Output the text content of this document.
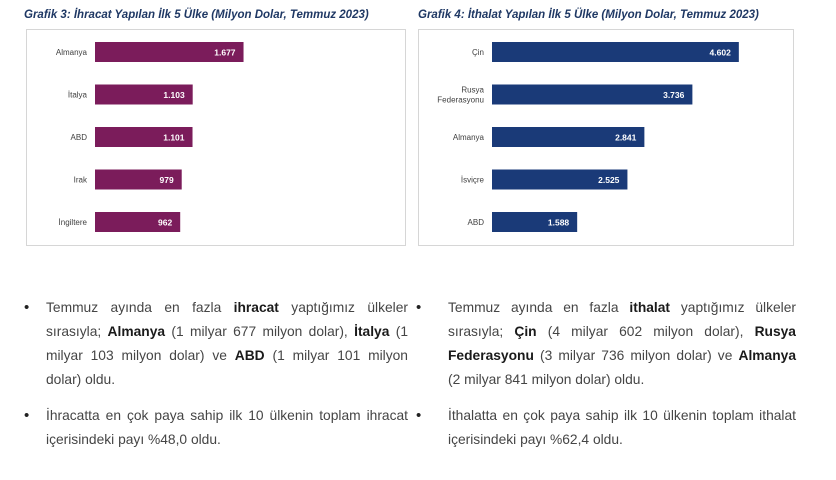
Grafik 3: İhracat Yapılan İlk 5 Ülke (Milyon Dolar, Temmuz 2023)	Grafik 4: İthalat Yapılan İlk 5 Ülke (Milyon Dolar, Temmuz 2023)
1.677
Almanya
1.103
İtalya
1.101
ABD
979
Irak
962
İngiltere
4.602
Çin
3.736
Rusya
Federasyonu
2.841
Almanya
2.525
İsviçre
1.588
ABD
•	Temmuz ayında en fazla ihracat yaptığımız ülkeler sırasıyla; Almanya (1 milyar 677 milyon dolar), İtalya (1 milyar 103 milyon dolar) ve ABD (1 milyar 101 milyon dolar) oldu.
•	İhracatta en çok paya sahip ilk 10 ülkenin toplam ihracat içerisindeki payı %48,0 oldu.
•	Temmuz ayında en fazla ithalat yaptığımız ülkeler sırasıyla; Çin (4 milyar 602 milyon dolar), Rusya Federasyonu (3 milyar 736 milyon dolar) ve Almanya (2 milyar 841 milyon dolar) oldu.
•	İthalatta en çok paya sahip ilk 10 ülkenin toplam ithalat içerisindeki payı %62,4 oldu.
